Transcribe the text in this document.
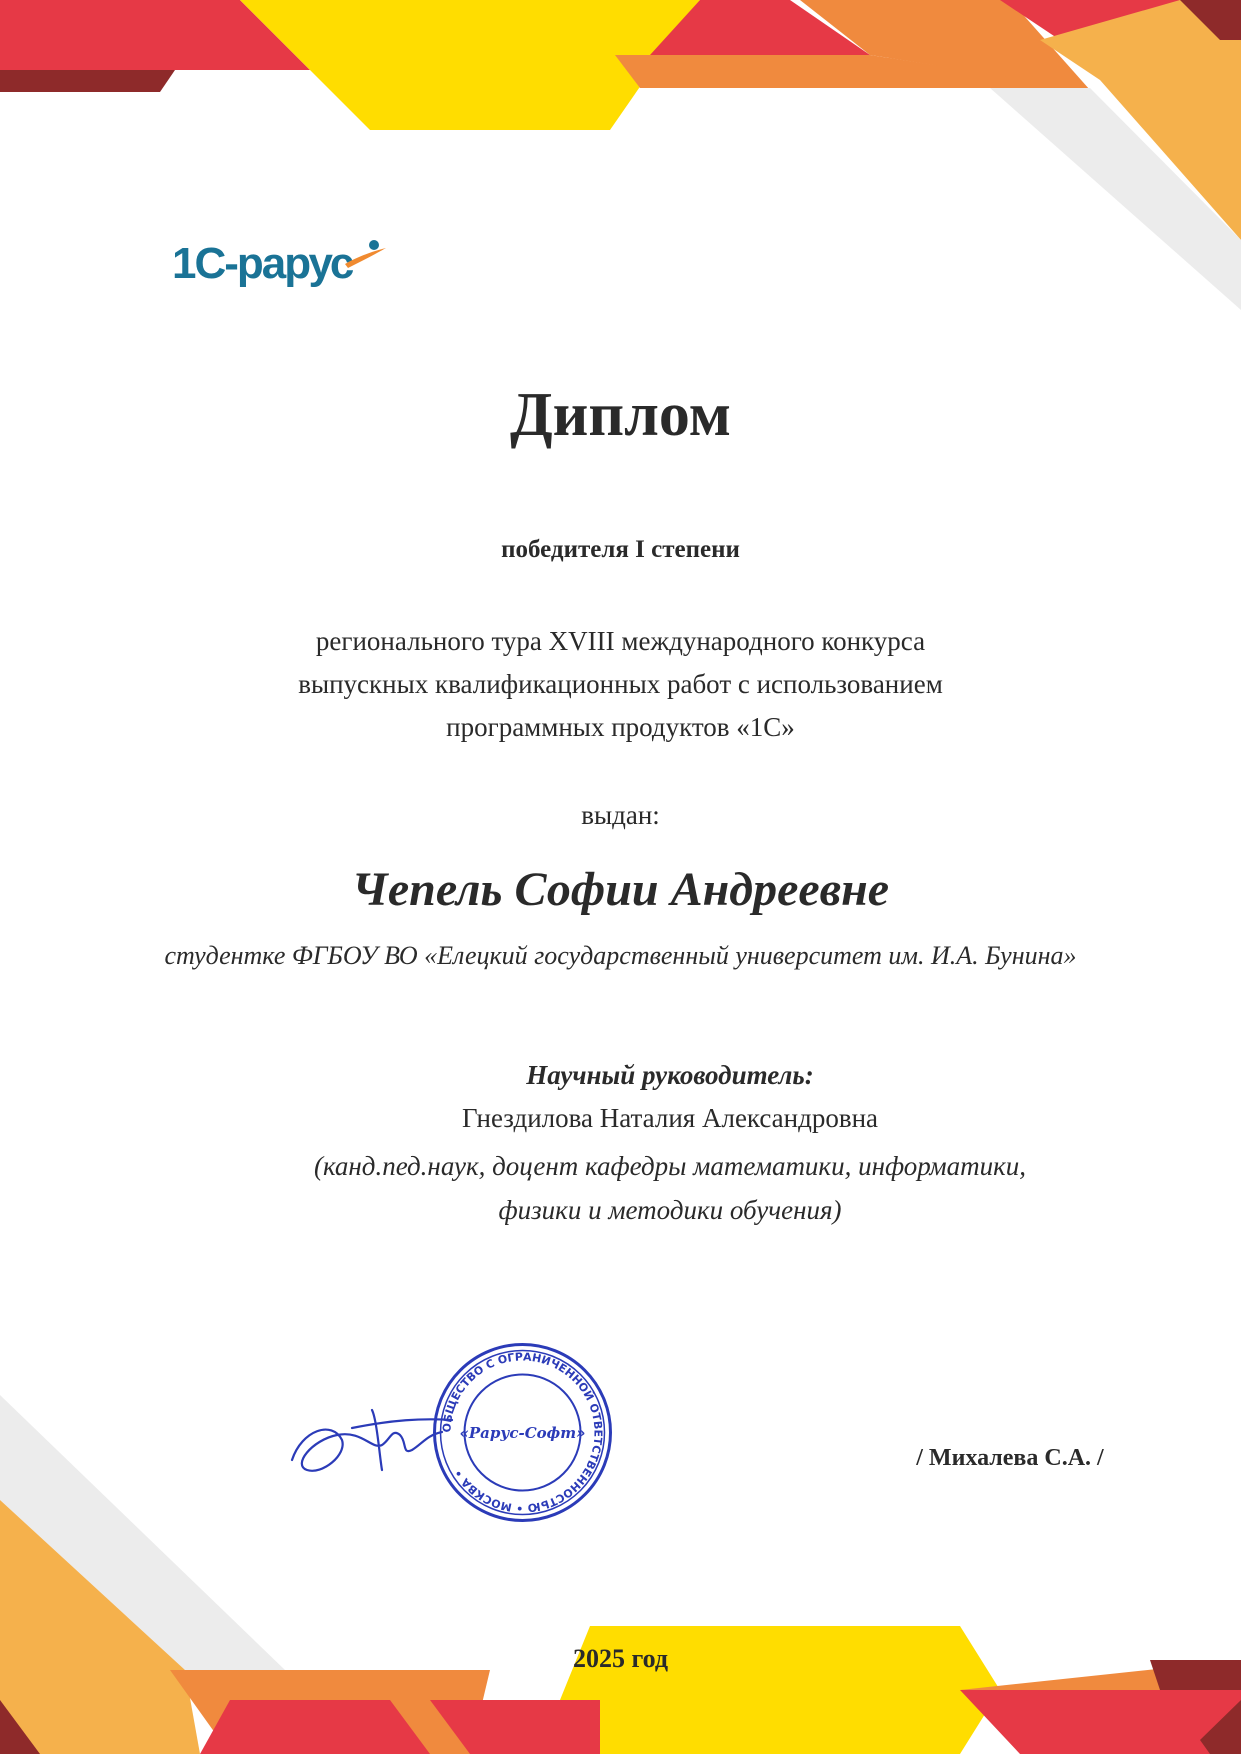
1С-рарус
Диплом
победителя I степени
регионального тура XVIII международного конкурса
выпускных квалификационных работ с использованием
программных продуктов «1С»
выдан:
Чепель Софии Андреевне
студентке ФГБОУ ВО «Елецкий государственный университет им. И.А. Бунина»
Научный руководитель:
Гнездилова Наталия Александровна
(канд.пед.наук, доцент кафедры математики, информатики,
физики и методики обучения)
ОБЩЕСТВО С ОГРАНИЧЕННОЙ ОТВЕТСТВЕННОСТЬЮ • МОСКВА •
«Рарус-Софт»
/ Михалева С.А. /
2025 год
